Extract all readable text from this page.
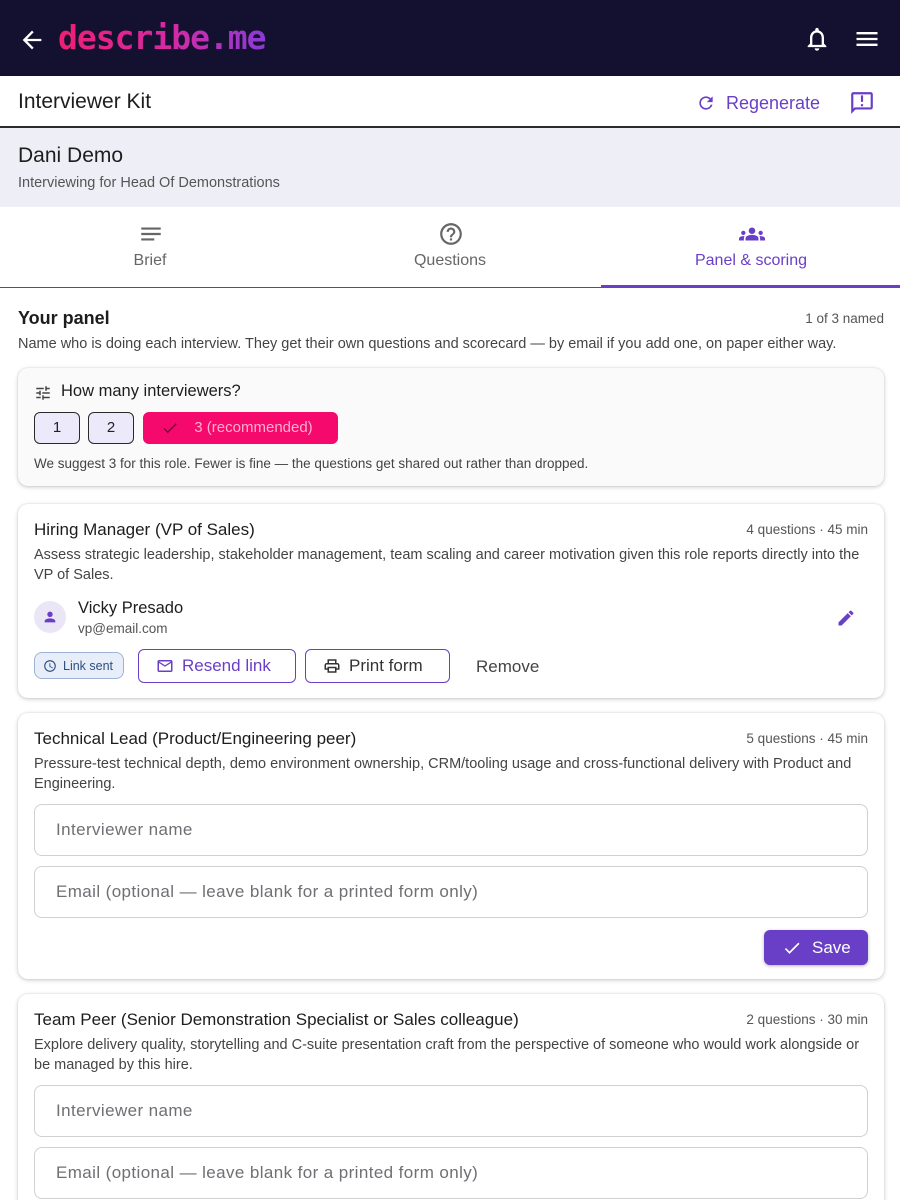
describe.me
Interviewer Kit	Regenerate
Dani Demo
Interviewing for Head Of Demonstrations
Brief	Questions	Panel & scoring
Your panel	1 of 3 named
Name who is doing each interview. They get their own questions and scorecard — by email if you add one, on paper either way.
How many interviewers?
1	2	3 (recommended)
We suggest 3 for this role. Fewer is fine — the questions get shared out rather than dropped.
Hiring Manager (VP of Sales)	4 questions · 45 min
Assess strategic leadership, stakeholder management, team scaling and career motivation given this role reports directly into the VP of Sales.
Vicky Presado
vp@email.com
Link sent	Resend link	Print form	Remove
Technical Lead (Product/Engineering peer)	5 questions · 45 min
Pressure-test technical depth, demo environment ownership, CRM/tooling usage and cross-functional delivery with Product and Engineering.
Interviewer name
Email (optional — leave blank for a printed form only)
Save
Team Peer (Senior Demonstration Specialist or Sales colleague)	2 questions · 30 min
Explore delivery quality, storytelling and C-suite presentation craft from the perspective of someone who would work alongside or be managed by this hire.
Interviewer name
Email (optional — leave blank for a printed form only)
